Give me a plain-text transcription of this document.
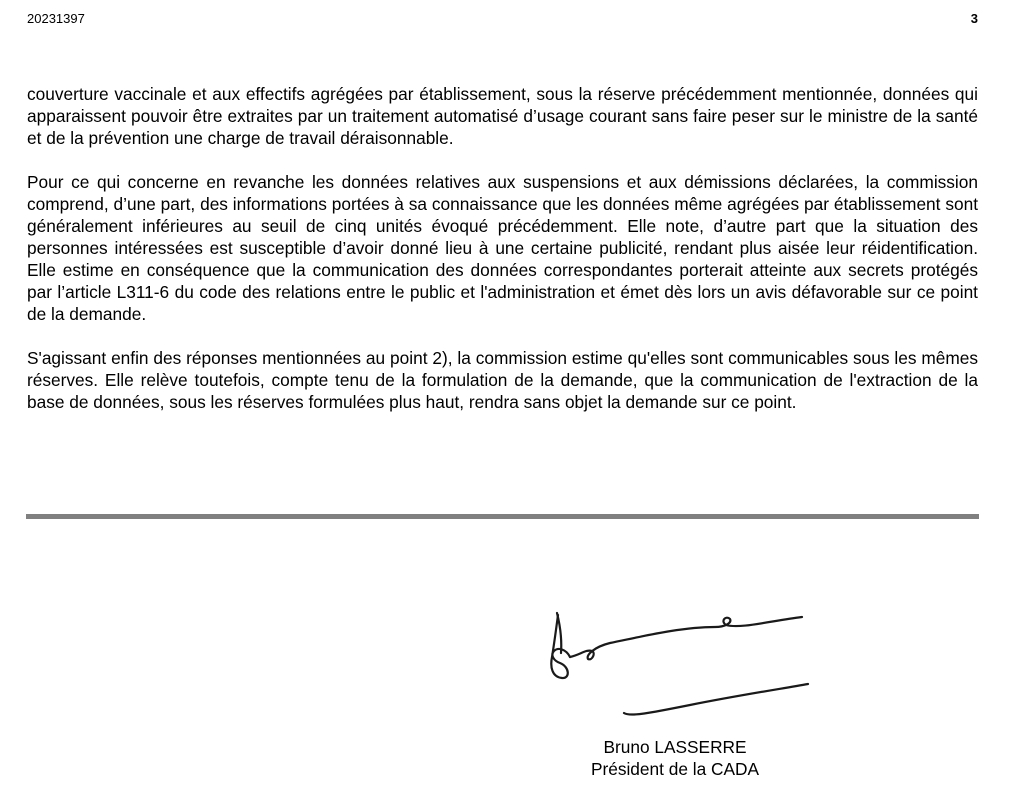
20231397	3

couverture vaccinale et aux effectifs agrégées par établissement, sous la réserve précédemment mentionnée, données qui apparaissent pouvoir être extraites par un traitement automatisé d’usage courant sans faire peser sur le ministre de la santé et de la prévention une charge de travail déraisonnable.

Pour ce qui concerne en revanche les données relatives aux suspensions et aux démissions déclarées, la commission comprend, d’une part, des informations portées à sa connaissance que les données même agrégées par établissement sont généralement inférieures au seuil de cinq unités évoqué précédemment. Elle note, d’autre part que la situation des personnes intéressées est susceptible d’avoir donné lieu à une certaine publicité, rendant plus aisée leur réidentification. Elle estime en conséquence que la communication des données correspondantes porterait atteinte aux secrets protégés par l’article L311-6 du code des relations entre le public et l'administration et émet dès lors un avis défavorable sur ce point de la demande.

S'agissant enfin des réponses mentionnées au point 2), la commission estime qu'elles sont communicables sous les mêmes réserves. Elle relève toutefois, compte tenu de la formulation de la demande, que la communication de l'extraction de la base de données, sous les réserves formulées plus haut, rendra sans objet la demande sur ce point.

Bruno LASSERRE
Président de la CADA
